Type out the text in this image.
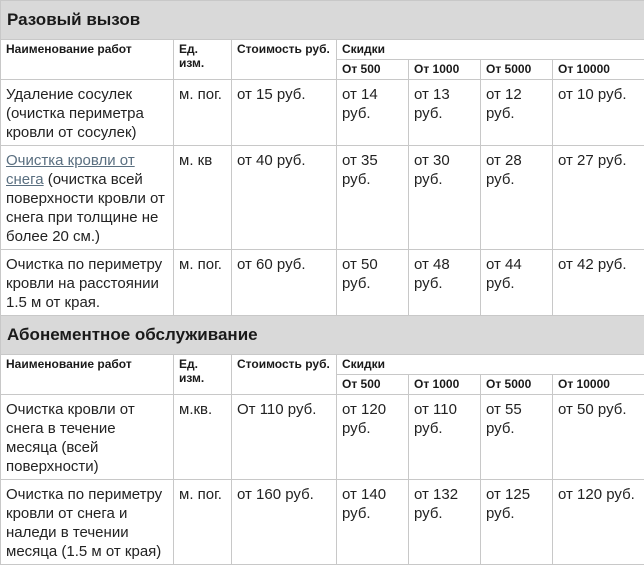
Разовый вызов						
Наименование работ	Ед. изм.	Стоимость руб.	Скидки			
			От 500	От 1000	От 5000	От 10000
Удаление сосулек (очистка периметра кровли от сосулек)	м. пог.	от 15 руб.	от 14 руб.	от 13 руб.	от 12 руб.	от 10 руб.
Очистка кровли от снега (очистка всей поверхности кровли от снега при толщине не более 20 см.)	м. кв	от 40 руб.	от 35 руб.	от 30 руб.	от 28 руб.	от 27 руб.
Очистка по периметру кровли на расстоянии 1.5 м от края.	м. пог.	от 60 руб.	от 50 руб.	от 48 руб.	от 44 руб.	от 42 руб.
Абонементное обслуживание						
Наименование работ	Ед. изм.	Стоимость руб.	Скидки			
			От 500	От 1000	От 5000	От 10000
Очистка кровли от снега в течение месяца (всей поверхности)	м.кв.	От 110 руб.	от 120 руб.	от 110 руб.	от 55 руб.	от 50 руб.
Очистка по периметру кровли от снега и наледи в течении месяца (1.5 м от края)	м. пог.	от 160 руб.	от 140 руб.	от 132 руб.	от 125 руб.	от 120 руб.
